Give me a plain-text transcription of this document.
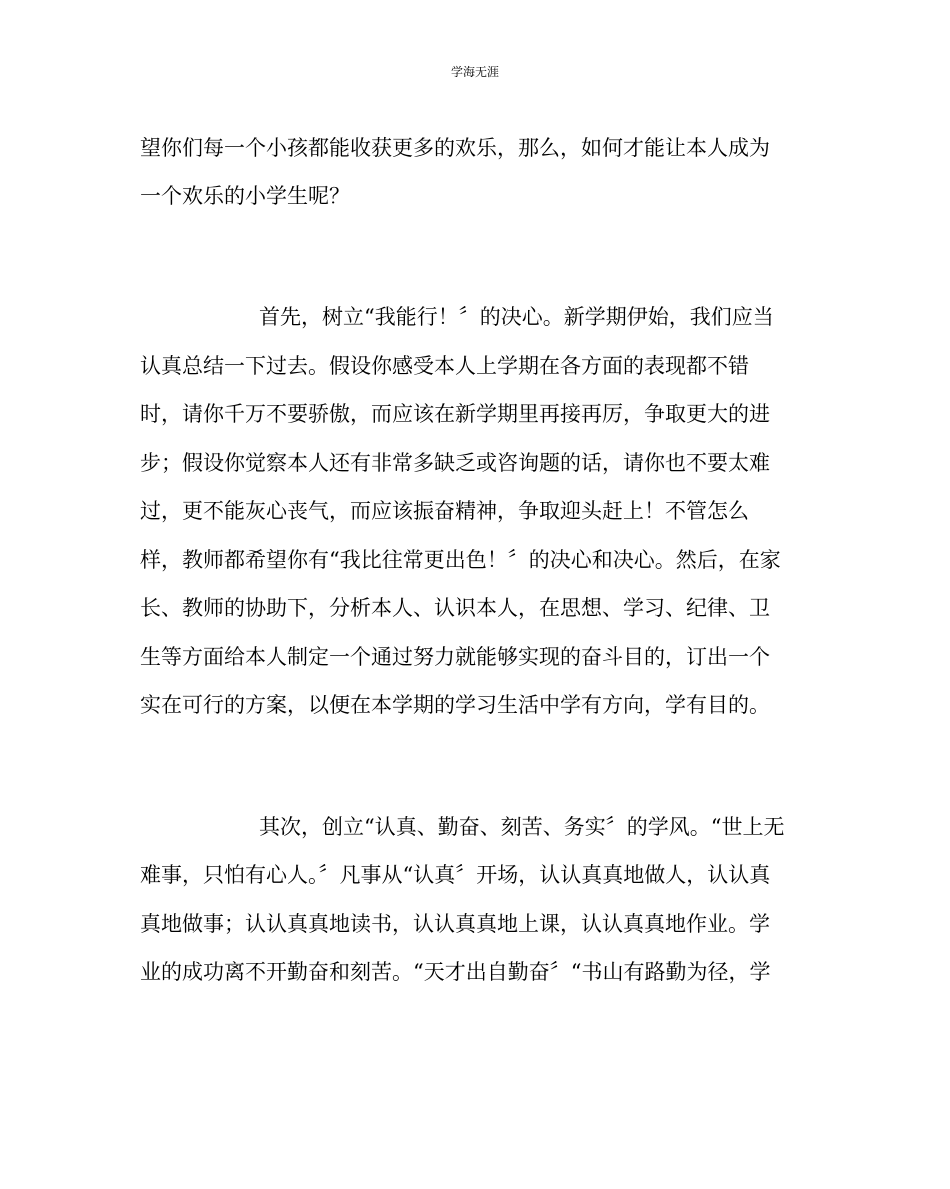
学海无涯
望你们每一个小孩都能收获更多的欢乐，那么，如何才能让本人成为
一个欢乐的小学生呢？
首先，树立“我能行！〞的决心。新学期伊始，我们应当
认真总结一下过去。假设你感受本人上学期在各方面的表现都不错
时，请你千万不要骄傲，而应该在新学期里再接再厉，争取更大的进
步；假设你觉察本人还有非常多缺乏或咨询题的话，请你也不要太难
过，更不能灰心丧气，而应该振奋精神，争取迎头赶上！不管怎么
样，教师都希望你有“我比往常更出色！〞的决心和决心。然后，在家
长、教师的协助下，分析本人、认识本人，在思想、学习、纪律、卫
生等方面给本人制定一个通过努力就能够实现的奋斗目的，订出一个
实在可行的方案，以便在本学期的学习生活中学有方向，学有目的。
其次，创立“认真、勤奋、刻苦、务实〞的学风。“世上无
难事，只怕有心人。〞凡事从“认真〞开场，认认真真地做人，认认真
真地做事；认认真真地读书，认认真真地上课，认认真真地作业。学
业的成功离不开勤奋和刻苦。“天才出自勤奋〞“书山有路勤为径，学
